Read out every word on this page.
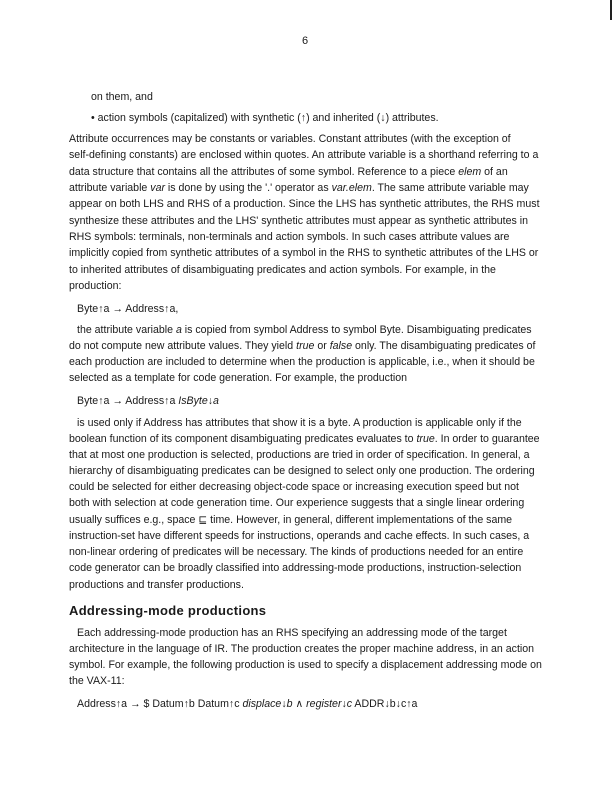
6
Addressing-mode productions
on them, and
• action symbols (capitalized) with synthetic (↑) and inherited (↓) attributes.
Attribute occurrences may be constants or variables. Constant attributes (with the exception of
self-defining constants) are enclosed within quotes. An attribute variable is a shorthand referring to a
data structure that contains all the attributes of some symbol. Reference to a piece elem of an
attribute variable var is done by using the '.' operator as var.elem. The same attribute variable may
appear on both LHS and RHS of a production. Since the LHS has synthetic attributes, the RHS must
synthesize these attributes and the LHS' synthetic attributes must appear as synthetic attributes in
RHS symbols: terminals, non-terminals and action symbols. In such cases attribute values are
implicitly copied from synthetic attributes of a symbol in the RHS to synthetic attributes of the LHS or
to inherited attributes of disambiguating predicates and action symbols. For example, in the
production:
Byte↑a → Address↑a,
the attribute variable a is copied from symbol Address to symbol Byte. Disambiguating predicates
do not compute new attribute values. They yield true or false only. The disambiguating predicates of
each production are included to determine when the production is applicable, i.e., when it should be
selected as a template for code generation. For example, the production
Byte↑a → Address↑a IsByte↓a
is used only if Address has attributes that show it is a byte. A production is applicable only if the
boolean function of its component disambiguating predicates evaluates to true. In order to guarantee
that at most one production is selected, productions are tried in order of specification. In general, a
hierarchy of disambiguating predicates can be designed to select only one production. The ordering
could be selected for either decreasing object-code space or increasing execution speed but not
both with selection at code generation time. Our experience suggests that a single linear ordering
usually suffices e.g., space ⊑ time. However, in general, different implementations of the same
instruction-set have different speeds for instructions, operands and cache effects. In such cases, a
non-linear ordering of predicates will be necessary. The kinds of productions needed for an entire
code generator can be broadly classified into addressing-mode productions, instruction-selection
productions and transfer productions.
Each addressing-mode production has an RHS specifying an addressing mode of the target
architecture in the language of IR. The production creates the proper machine address, in an action
symbol. For example, the following production is used to specify a displacement addressing mode on
the VAX-11:
Address↑a → $ Datum↑b Datum↑c displace↓b ∧ register↓c ADDR↓b↓c↑a
